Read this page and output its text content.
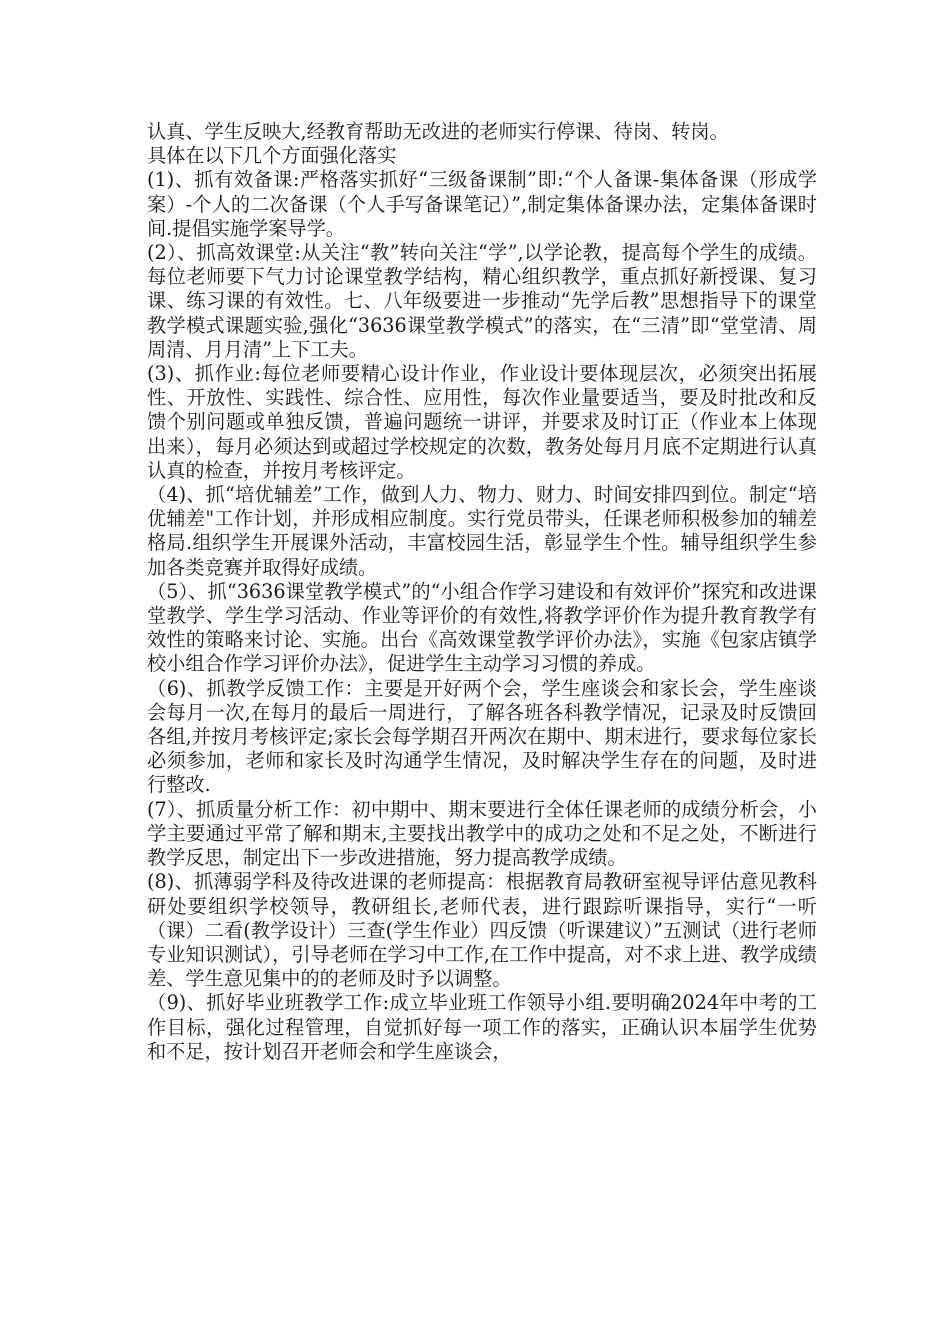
认真、学生反映大,经教育帮助无改进的老师实行停课、待岗、转岗。

具体在以下几个方面强化落实

(1)、抓有效备课:严格落实抓好“三级备课制”即:“个人备课-集体备课（形成学案）-个人的二次备课（个人手写备课笔记）”,制定集体备课办法，定集体备课时间.提倡实施学案导学。

(2）、抓高效课堂:从关注“教”转向关注“学”,以学论教，提高每个学生的成绩。每位老师要下气力讨论课堂教学结构，精心组织教学，重点抓好新授课、复习课、练习课的有效性。七、八年级要进一步推动“先学后教”思想指导下的课堂教学模式课题实验,强化“3636课堂教学模式”的落实，在“三清”即“堂堂清、周周清、月月清”上下工夫。

(3)、抓作业:每位老师要精心设计作业，作业设计要体现层次，必须突出拓展性、开放性、实践性、综合性、应用性，每次作业量要适当，要及时批改和反馈个别问题或单独反馈，普遍问题统一讲评，并要求及时订正（作业本上体现出来），每月必须达到或超过学校规定的次数，教务处每月月底不定期进行认真认真的检查，并按月考核评定。

（4)、抓“培优辅差”工作，做到人力、物力、财力、时间安排四到位。制定“培优辅差"工作计划，并形成相应制度。实行党员带头，任课老师积极参加的辅差格局.组织学生开展课外活动，丰富校园生活，彰显学生个性。辅导组织学生参加各类竞赛并取得好成绩。

（5）、抓“3636课堂教学模式”的“小组合作学习建设和有效评价”探究和改进课堂教学、学生学习活动、作业等评价的有效性,将教学评价作为提升教育教学有效性的策略来讨论、实施。出台《高效课堂教学评价办法》，实施《包家店镇学校小组合作学习评价办法》，促进学生主动学习习惯的养成。

（6)、抓教学反馈工作：主要是开好两个会，学生座谈会和家长会，学生座谈会每月一次,在每月的最后一周进行，了解各班各科教学情况，记录及时反馈回各组,并按月考核评定;家长会每学期召开两次在期中、期末进行，要求每位家长必须参加，老师和家长及时沟通学生情况，及时解决学生存在的问题，及时进行整改.

(7）、抓质量分析工作：初中期中、期末要进行全体任课老师的成绩分析会，小学主要通过平常了解和期末,主要找出教学中的成功之处和不足之处，不断进行教学反思，制定出下一步改进措施，努力提高教学成绩。

(8)、抓薄弱学科及待改进课的老师提高：根据教育局教研室视导评估意见教科研处要组织学校领导，教研组长,老师代表，进行跟踪听课指导，实行“一听（课）二看(教学设计）三查(学生作业）四反馈（听课建议）”五测试（进行老师专业知识测试），引导老师在学习中工作,在工作中提高，对不求上进、教学成绩差、学生意见集中的的老师及时予以调整。

（9)、抓好毕业班教学工作:成立毕业班工作领导小组.要明确2024年中考的工作目标，强化过程管理，自觉抓好每一项工作的落实，正确认识本届学生优势和不足，按计划召开老师会和学生座谈会，
